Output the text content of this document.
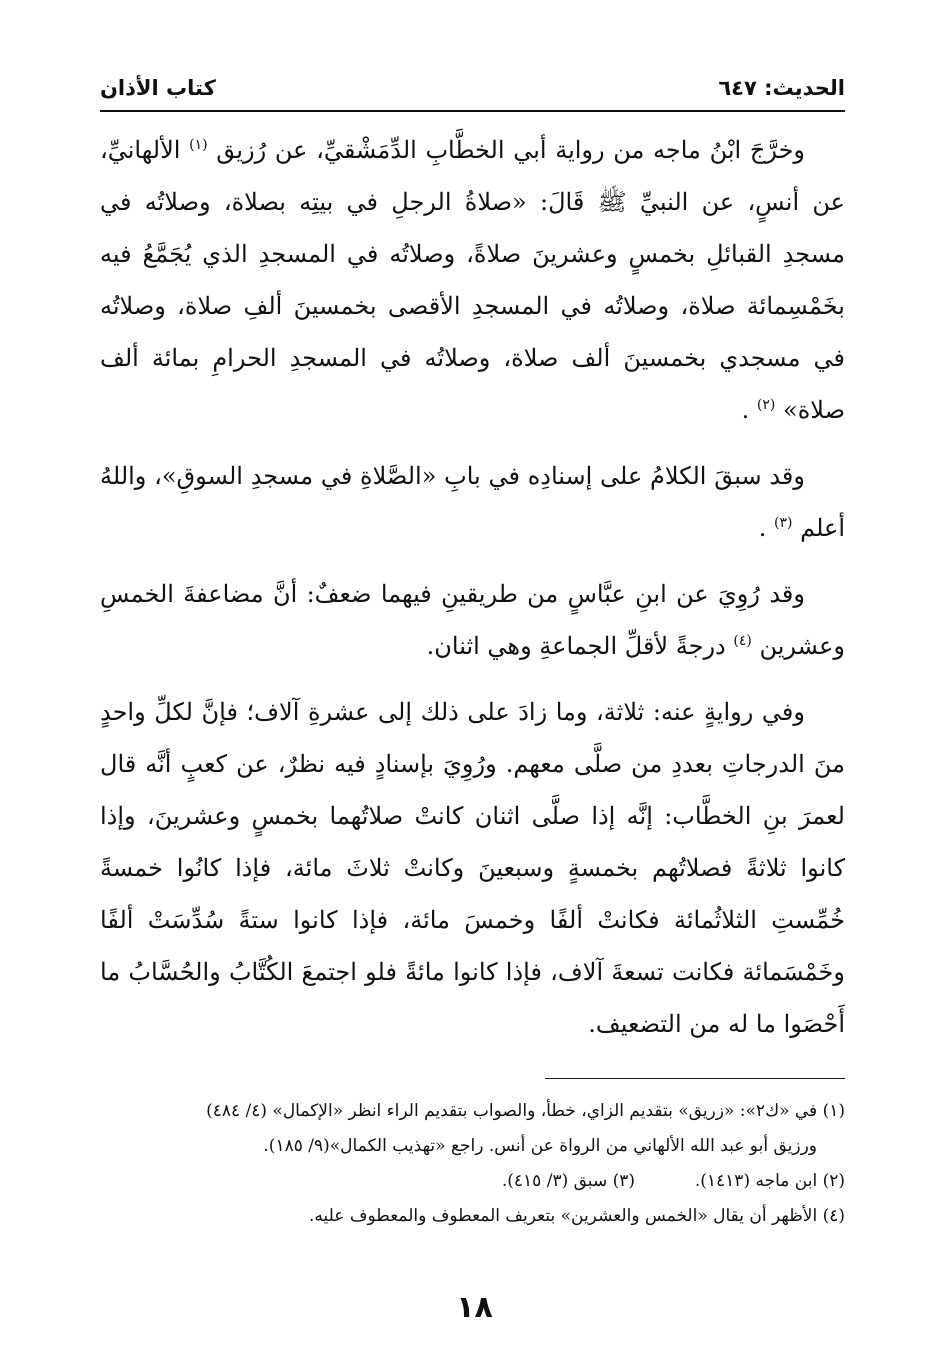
الحديث: ٦٤٧
كتاب الأذان

وخرَّجَ ابْنُ ماجه من رواية أبي الخطَّابِ الدِّمَشْقيِّ، عن رُزيق $^{(١)}$ الألهانيِّ، عن أنسٍ، عن النبيِّ ﷺ قَالَ: «صلاةُ الرجلِ في بيتِه بصلاة، وصلاتُه في مسجدِ القبائلِ بخمسٍ وعشرينَ صلاةً، وصلاتُه في المسجدِ الذي يُجَمَّعُ فيه بخَمْسِمائة صلاة، وصلاتُه في المسجدِ الأقصى بخمسينَ ألفِ صلاة، وصلاتُه في مسجدي بخمسينَ ألف صلاة، وصلاتُه في المسجدِ الحرامِ بمائة ألف صلاة» $^{(٢)}$ .

وقد سبقَ الكلامُ على إسنادِه في بابِ «الصَّلاةِ في مسجدِ السوقِ»، واللهُ أعلم $^{(٣)}$ .

وقد رُوِيَ عن ابنِ عبَّاسٍ من طريقينِ فيهما ضعفٌ: أنَّ مضاعفةَ الخمسِ وعشرين $^{(٤)}$ درجةً لأقلِّ الجماعةِ وهي اثنان.

وفي روايةٍ عنه: ثلاثة، وما زادَ على ذلك إلى عشرةِ آلاف؛ فإنَّ لكلِّ واحدٍ منَ الدرجاتِ بعددِ من صلَّى معهم. ورُوِيَ بإسنادٍ فيه نظرٌ، عن كعبٍ أنَّه قال لعمرَ بنِ الخطَّاب: إنَّه إذا صلَّى اثنان كانتْ صلاتُهما بخمسٍ وعشرينَ، وإذا كانوا ثلاثةً فصلاتُهم بخمسةٍ وسبعينَ وكانتْ ثلاثَ مائة، فإذا كانُوا خمسةً خُمِّستِ الثلاثُمائة فكانتْ ألفًا وخمسَ مائة، فإذا كانوا ستةً سُدِّسَتْ ألفًا وخَمْسَمائة فكانت تسعةَ آلاف، فإذا كانوا مائةً فلو اجتمعَ الكُتَّابُ والحُسَّابُ ما أَحْصَوا ما له من التضعيف.

(١) في «ك٢»: «زريق» بتقديم الزاي، خطأ، والصواب بتقديم الراء انظر «الإكمال» (٤/ ٤٨٤)

ورزيق أبو عبد الله الألهاني من الرواة عن أنس. راجع «تهذيب الكمال»(٩/ ١٨٥).

(٢) ابن ماجه (١٤١٣).
(٣) سبق (٣/ ٤١٥).

(٤) الأظهر أن يقال «الخمس والعشرين» بتعريف المعطوف والمعطوف عليه.

١٨
